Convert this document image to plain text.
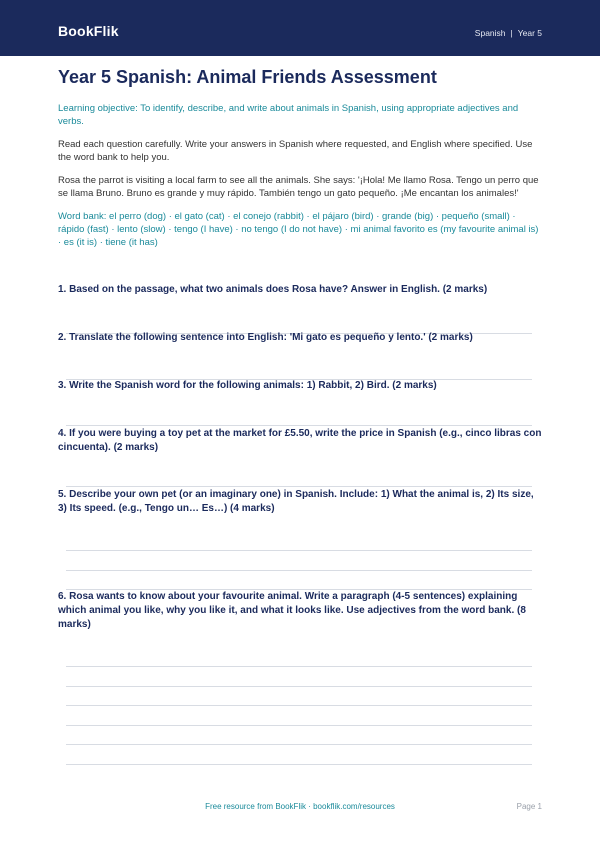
BookFlik	Spanish | Year 5
Year 5 Spanish: Animal Friends Assessment

Learning objective: To identify, describe, and write about animals in Spanish, using appropriate adjectives and verbs.

Read each question carefully. Write your answers in Spanish where requested, and English where specified. Use the word bank to help you.

Rosa the parrot is visiting a local farm to see all the animals. She says: '¡Hola! Me llamo Rosa. Tengo un perro que se llama Bruno. Bruno es grande y muy rápido. También tengo un gato pequeño. ¡Me encantan los animales!'

Word bank: el perro (dog) · el gato (cat) · el conejo (rabbit) · el pájaro (bird) · grande (big) · pequeño (small) · rápido (fast) · lento (slow) · tengo (I have) · no tengo (I do not have) · mi animal favorito es (my favourite animal is) · es (it is) · tiene (it has)

1. Based on the passage, what two animals does Rosa have? Answer in English. (2 marks)
2. Translate the following sentence into English: 'Mi gato es pequeño y lento.' (2 marks)
3. Write the Spanish word for the following animals: 1) Rabbit, 2) Bird. (2 marks)
4. If you were buying a toy pet at the market for £5.50, write the price in Spanish (e.g., cinco libras con cincuenta). (2 marks)
5. Describe your own pet (or an imaginary one) in Spanish. Include: 1) What the animal is, 2) Its size, 3) Its speed. (e.g., Tengo un… Es…) (4 marks)
6. Rosa wants to know about your favourite animal. Write a paragraph (4-5 sentences) explaining which animal you like, why you like it, and what it looks like. Use adjectives from the word bank. (8 marks)
Free resource from BookFlik · bookflik.com/resources	Page 1
